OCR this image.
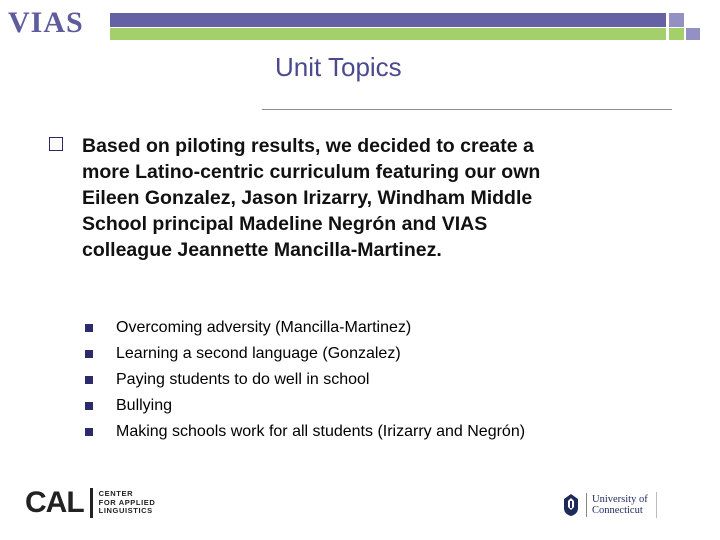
VIAS
Unit Topics
Based on piloting results, we decided to create a
more Latino-centric curriculum featuring our own
Eileen Gonzalez, Jason Irizarry, Windham Middle
School principal Madeline Negrón and VIAS
colleague Jeannette Mancilla-Martinez.
Overcoming adversity (Mancilla-Martinez)
Learning a second language (Gonzalez)
Paying students to do well in school
Bullying
Making schools work for all students (Irizarry and Negrón)
CAL CENTER
FOR APPLIED
LINGUISTICS
University of
Connecticut
